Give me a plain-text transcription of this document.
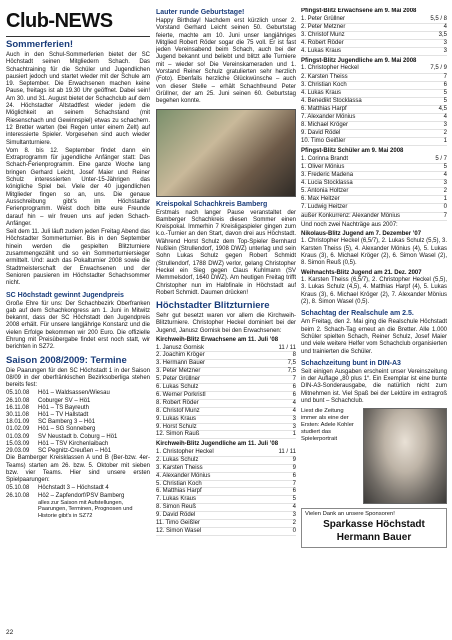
Club-NEWS
Sommerferien!

Auch in den Schul-Sommerferien bietet der SC Höchstadt seinen Mitgliedern Schach. Das Schachtraining für die Schüler und Jugendlichen pausiert jedoch und startet wieder mit der Schule am 19. September. Die Erwachsenen machen keine Pause, freitags ist ab 19.30 Uhr geöffnet. Dabei sein! Am 30. und 31. August bietet der Schachclub auf dem 24. Höchstadter Altstadtfest wieder jedem die Möglichkeit an seinem Schachstand (mit Riesenschach und Gewinnspiel) etwas zu schachern. 12 Bretter warten (bei Regen unter einem Zelt) auf interessierte Spieler. Vorgesehen sind auch wieder Simultanturniere.

Vom 8. bis 12. September findet dann ein Extraprogramm für jugendliche Anfänger statt: Das Schach-Ferienprogramm. Eine ganze Woche lang bringen Gerhard Leicht, Josef Maier und Reiner Schulz interessierten Unter-15-Jährigen das königliche Spiel bei. Viele der 40 jugendlichen Mitglieder fingen so an, uns. Die genaue Ausschreibung gibt’s im Höchstadter Ferienprogramm. Weist doch bitte eure Freunde darauf hin – wir freuen uns auf jeden Schach-Anfänger.

Seit dem 11. Juli läuft zudem jeden Freitag Abend das Höchstadter Sommerturnier. Bis in den September hinein werden die gespielten Blitzturniere zusammengezählt und so ein Sommerturniersieger ermittelt. Und: auch das Pokalturnier 2008 sowie die Stadtmeisterschaft der Erwachsenen und der Senioren pausieren im Höchstadter Schachsommer nicht.

SC Höchstadt gewinnt Jugendpreis

Große Ehre für uns: Der Schachbezirk Oberfranken gab auf dem Schachkongress am 1. Juni in Mitwitz bekannt, dass der SC Höchstadt den Jugendpreis 2008 erhält. Für unsere langjährige Konstanz und die vielen Erfolge bekommen wir 200 Euro. Die offizielle Ehrung mit Preisübergabe findet erst noch statt, wir berichten in SZ72.

Saison 2008/2009: Termine

Die Paarungen für den SC Höchstadt 1 in der Saison 08/09 in der oberfränkischen Bezirksoberliga stehen bereits fest:

05.10.08	Hö1 – Waldsassen/Wiesau
26.10.08	Coburger SV – Hö1
16.11.08	Hö1 – TS Bayreuth
30.11.08	Hö1 – TV Hallstadt
18.01.09	SC Bamberg 3 – Hö1
01.02.09	Hö1 – SG Sonneberg
01.03.09	SV Neustadt b. Coburg – Hö1
15.03.09	Hö1 – TSV Kirchenlaibach
29.03.09	SC Pegnitz-Creußen – Hö1

Die Bamberger Kreisklassen A und B (Ber-bzw. 4er-Teams) starten am 26. bzw. 5. Oktober mit sieben bzw. vier Teams. Hier sind unsere ersten Spielpaarungen:

05.10.08	Höchstadt 3 – Höchstadt 4
26.10.08	Hö2 – Zapfendorf/PSV Bamberg
alles zur Saison mit Aufstellungen, Paarungen, Terminen, Prognosen und Historie gibt’s in SZ72
22
Lauter runde Geburtstage!

Happy Birthday! Nachdem erst kürzlich unser 2. Vorstand Gerhard Leicht seinen 50. Geburtstag feierte, machte am 10. Juni unser langjähriges Mitglied Robert Röder sogar die 75 voll. Er ist fast jeden Vereinsabend beim Schach, auch bei der Jugend bekannt und beliebt und blitzt alle Turniere mit – wieder so! Die Vereinskameraden und 1. Vorstand Reiner Schulz gratulierten sehr herzlich (Foto). Ebenfalls herzliche Glückwünsche – auch von dieser Stelle – erhält Schachfreund Peter Grüllner, der am 25. Juni seinen 60. Geburtstag begehen konnte.

Kreispokal Schachkreis Bamberg

Erstmals nach langer Pause veranstaltet der Bamberger Schachkreis diesen Sommer einen Kreispokal. Immerhin 7 Kreisligaspieler gingen zum k.o.-Turnier an den Start, davon drei aus Höchstadt. Während Horst Schulz dem Top-Spieler Bernhard Nußlein (Strullendorf, 1908 DWZ) unterlag und sein Sohn Lukas Schulz gegen Robert Schmidt (Strullendorf, 1788 DWZ) verlor, gelang Christopher Heckel ein Sieg gegen Claus Kuhlmann (SV Memmelsdorf, 1640 DWZ). Am heutigen Freitag trifft Christopher nun im Halbfinale in Höchstadt auf Robert Schmidt. Daumen drücken!

Höchstadter Blitzturniere

Sehr gut besetzt waren vor allem die Kirchweih-Blitzturniere. Christopher Heckel dominiert bei der Jugend, Janusz Gornisk bei den Erwachsenen:

Kirchweih-Blitz Erwachsene am 11. Juli ’08
1. Janusz Gornisk	11 / 11
2. Joachim Kröger	8
3. Hermann Bauer	7,5
3. Peter Metzner	7,5
5. Peter Grüllner	7
6. Lukas Schulz	6
6. Werner Porkristl	6
8. Robert Röder	4
8. Christof Munz	4
9. Lukas Kraus	3
9. Horst Schulz	3
12. Simon Rauß	1
Kirchweih-Blitz Jugendliche am 11. Juli ’08
1. Christopher Heckel	11 / 11
2. Lukas Schulz	9
3. Karsten Theiss	9
4. Alexander Mönius	6
5. Christian Koch	7
6. Matthias Harpf	6
7. Lukas Kraus	5
8. Simon Reuß	4
9. David Rödel	3
11. Timo Geißler	2
12. Simon Wasel	0
Pfingst-Blitz Erwachsene am 9. Mai 2008
1. Peter Grüllner	5,5 / 8
2. Peter Metzner	4
3. Christof Munz	3,5
4. Robert Röder	3
4. Lukas Kraus	3
Pfingst-Blitz Jugendliche am 9. Mai 2008
1. Christopher Heckel	7,5 / 9
2. Karsten Theiss	7
3. Christian Koch	6
4. Lukas Kraus	5
4. Benedikt Stocklassa	5
6. Matthias Harpf	4,5
7. Alexander Mönius	4
8. Michael Kröger	3
9. David Rödel	2
10. Timo Geißler	1
Pfingst-Blitz Schüler am 9. Mai 2008
1. Corinna Brandt	5 / 7
1. Oliver Mönius	5
3. Frederic Madena	4
4. Lucia Stocklassa	3
5. Antonia Holtzer	2
6. Max Heitzer	1
7. Ludwig Heitzer	0
außer Konkurrenz: Alexander Mönius	7

Und noch zwei Nachträge aus 2007:

Nikolaus-Blitz Jugend am 7. Dezember ’07

1. Christopher Heckel (6,5/7), 2. Lukas Schulz (5,5), 3. Karsten Theiss (5), 4. Alexander Mönius (4), 5. Lukas Kraus (3), 6. Michael Kröger (2), 6. Simon Wasel (2), 8. Simon Reuß (0,5).

Weihnachts-Blitz Jugend am 21. Dez. 2007

1. Karsten Theiss (6,5/7), 2. Christopher Heckel (5,5), 3. Lukas Schulz (4,5), 4. Matthias Harpf (4), 5. Lukas Kraus (3), 6. Michael Kröger (2), 7. Alexander Mönius (2), 8. Simon Wasel (0,5).

Schachtag der Realschule am 2.5.

Am Freitag, den 2. Mai ging die Realschule Höchstadt beim 2. Schach-Tag erneut an die Bretter. Alle 1.000 Schüler spielten Schach, Reiner Schulz, Josef Maier und viele weitere Helfer vom Schachclub organisierten und trainierten die Schüler.

Schachzeitung bunt in DIN-A3

Seit einigen Ausgaben erscheint unser Vereinszeitung in der Auflage „80 plus 1“. Ein Exemplar ist eine bunte DIN-A3-Sonderausgabe, die natürlich nicht zum Mitnehmen ist. Viel Spaß bei der Lektüre im extragroß und bunt – Schachclub.

Liest die Zeitung immer als eine der Ersten: Adele Kohler studiert das Spielerportrait
Vielen Dank an unsere Sponsoren!
Sparkasse Höchstadt
Hermann Bauer
